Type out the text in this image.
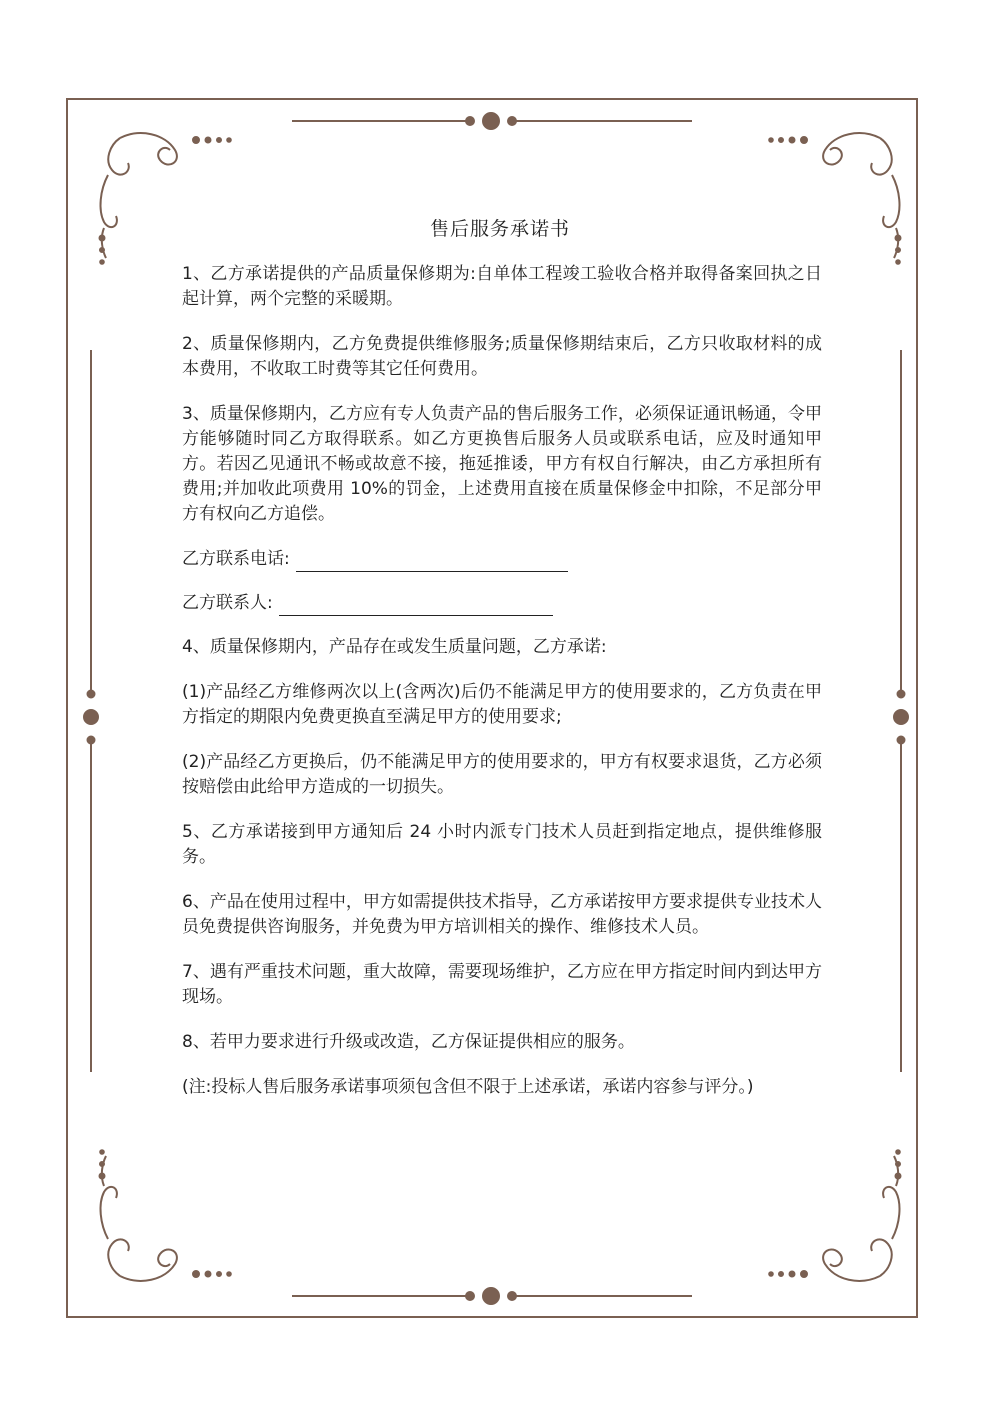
售后服务承诺书

1、乙方承诺提供的产品质量保修期为:自单体工程竣工验收合格并取得备案回执之日起计算，两个完整的采暖期。

2、质量保修期内，乙方免费提供维修服务;质量保修期结束后，乙方只收取材料的成本费用，不收取工时费等其它任何费用。

3、质量保修期内，乙方应有专人负责产品的售后服务工作，必须保证通讯畅通，令甲方能够随时同乙方取得联系。如乙方更换售后服务人员或联系电话，应及时通知甲方。若因乙见通讯不畅或故意不接，拖延推诿，甲方有权自行解决，由乙方承担所有费用;并加收此项费用 10%的罚金，上述费用直接在质量保修金中扣除，不足部分甲方有权向乙方追偿。

乙方联系电话:
乙方联系人:

4、质量保修期内，产品存在或发生质量问题，乙方承诺:

(1)产品经乙方维修两次以上(含两次)后仍不能满足甲方的使用要求的，乙方负责在甲方指定的期限内免费更换直至满足甲方的使用要求;

(2)产品经乙方更换后，仍不能满足甲方的使用要求的，甲方有权要求退货，乙方必须按赔偿由此给甲方造成的一切损失。

5、乙方承诺接到甲方通知后 24 小时内派专门技术人员赶到指定地点，提供维修服务。

6、产品在使用过程中，甲方如需提供技术指导，乙方承诺按甲方要求提供专业技术人员免费提供咨询服务，并免费为甲方培训相关的操作、维修技术人员。

7、遇有严重技术问题，重大故障，需要现场维护，乙方应在甲方指定时间内到达甲方现场。

8、若甲力要求进行升级或改造，乙方保证提供相应的服务。

(注:投标人售后服务承诺事项须包含但不限于上述承诺，承诺内容参与评分。)
